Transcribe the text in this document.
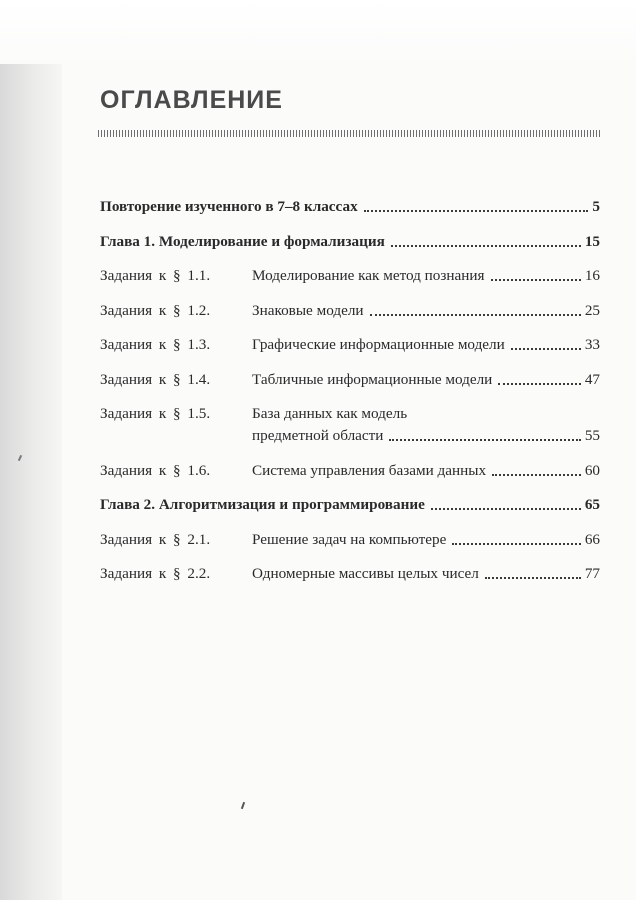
ОГЛАВЛЕНИЕ
Повторение изученного в 7–8 классах	5
Глава 1. Моделирование и формализация	15
Задания к § 1.1.	Моделирование как метод познания	16
Задания к § 1.2.	Знаковые модели	25
Задания к § 1.3.	Графические информационные модели	33
Задания к § 1.4.	Табличные информационные модели	47
Задания к § 1.5.	База данных как модель
предметной области	55
Задания к § 1.6.	Система управления базами данных	60
Глава 2. Алгоритмизация и программирование	65
Задания к § 2.1.	Решение задач на компьютере	66
Задания к § 2.2.	Одномерные массивы целых чисел	77
